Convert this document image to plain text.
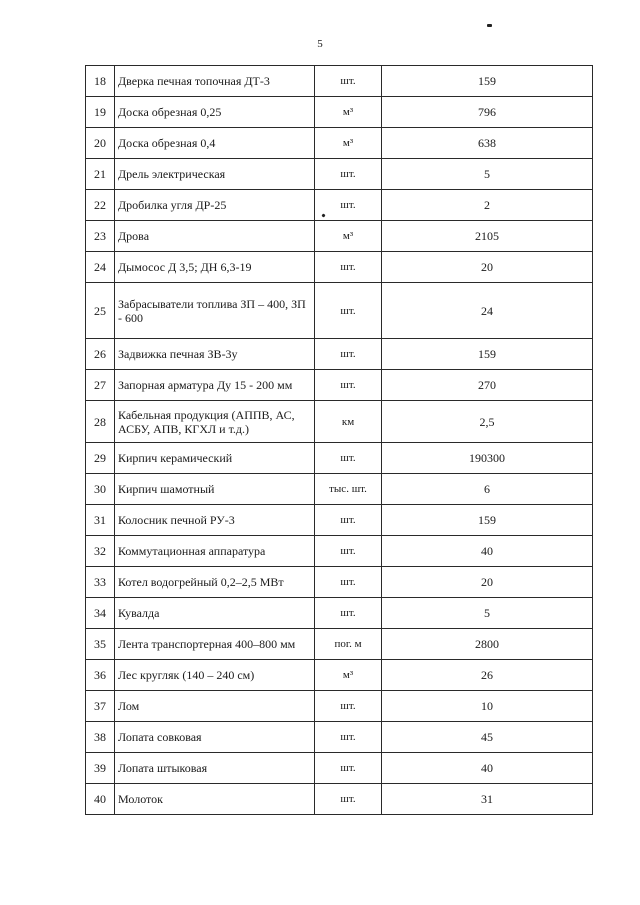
5
18	Дверка печная топочная ДТ-3	шт.	159
19	Доска обрезная 0,25	м³	796
20	Доска обрезная 0,4	м³	638
21	Дрель электрическая	шт.	5
22	Дробилка угля ДР-25	шт.	2
23	Дрова	м³	2105
24	Дымосос Д 3,5; ДН 6,3-19	шт.	20
25	Забрасыватели топлива ЗП – 400, ЗП - 600	шт.	24
26	Задвижка печная ЗВ-3у	шт.	159
27	Запорная арматура Ду 15 - 200 мм	шт.	270
28	Кабельная продукция (АППВ, АС, АСБУ, АПВ, КГХЛ и т.д.)	км	2,5
29	Кирпич керамический	шт.	190300
30	Кирпич шамотный	тыс. шт.	6
31	Колосник печной РУ-3	шт.	159
32	Коммутационная аппаратура	шт.	40
33	Котел водогрейный 0,2–2,5 МВт	шт.	20
34	Кувалда	шт.	5
35	Лента транспортерная 400–800 мм	пог. м	2800
36	Лес кругляк (140 – 240 см)	м³	26
37	Лом	шт.	10
38	Лопата совковая	шт.	45
39	Лопата штыковая	шт.	40
40	Молоток	шт.	31
